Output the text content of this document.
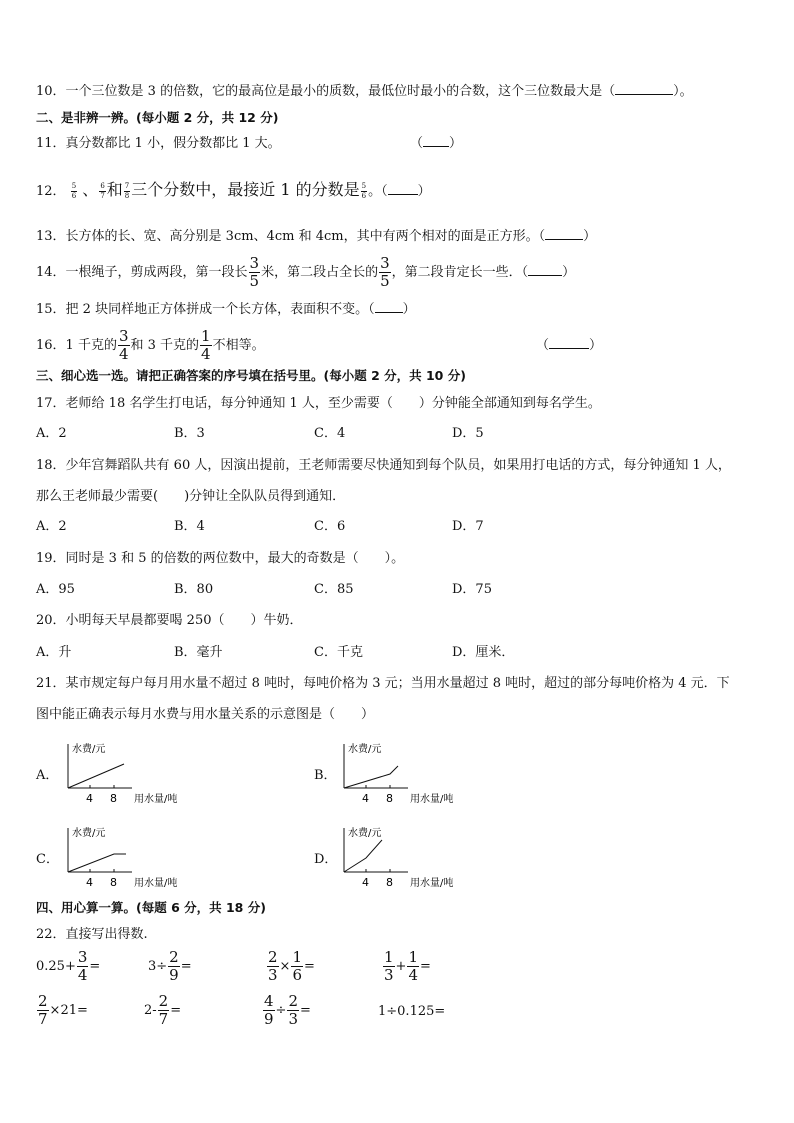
10．一个三位数是 3 的倍数，它的最高位是最小的质数，最低位时最小的合数，这个三位数最大是（	）。
二、是非辨一辨。(每小题 2 分，共 12 分)
11．真分数都比 1 小，假分数都比 1 大。	（ ）
12． $\frac{5}{6}$ 、 $\frac{6}{7}$ 和 $\frac{7}{8}$ 三个分数中，最接近 1 的分数是 $\frac{5}{6}$ 。（ ）
13．长方体的长、宽、高分别是 3cm、4cm 和 4cm，其中有两个相对的面是正方形。（	）
14．一根绳子，剪成两段，第一段长 $\frac{3}{5}$ 米，第二段占全长的 $\frac{3}{5}$ ，第二段肯定长一些．（	）
15．把 2 块同样地正方体拼成一个长方体，表面积不变。（ ）
16．1 千克的 $\frac{3}{4}$ 和 3 千克的 $\frac{1}{4}$ 不相等。	（	）
三、细心选一选。请把正确答案的序号填在括号里。(每小题 2 分，共 10 分)
17．老师给 18 名学生打电话，每分钟通知 1 人，至少需要（　　）分钟能全部通知到每名学生。
A．2	B．3	C．4	D．5
18．少年宫舞蹈队共有 60 人，因演出提前，王老师需要尽快通知到每个队员，如果用打电话的方式，每分钟通知 1 人，
那么王老师最少需要(　　)分钟让全队队员得到通知．
A．2	B．4	C．6	D．7
19．同时是 3 和 5 的倍数的两位数中，最大的奇数是（　　）。
A．95	B．80	C．85	D．75
20．小明每天早晨都要喝 250（　　）牛奶．
A．升	B．毫升	C．千克	D．厘米．
21．某市规定每户每月用水量不超过 8 吨时，每吨价格为 3 元；当用水量超过 8 吨时，超过的部分每吨价格为 4 元．下
图中能正确表示每月水费与用水量关系的示意图是（　　）
A．
水费/元
4 8 用水量/吨
B．
水费/元
4 8 用水量/吨
C．
水费/元
4 8 用水量/吨
D．
水费/元
4 8 用水量/吨
四、用心算一算。(每题 6 分，共 18 分)
22．直接写出得数.
$0.25+ \frac{3}{4}$ =	$3\div \frac{2}{9}$ =	$\frac{2}{3} \times \frac{1}{6}$ =	$\frac{1}{3} + \frac{1}{4}$ =
$\frac{2}{7} \times 21=$	$2- \frac{2}{7}$ =	$\frac{4}{9} \div \frac{2}{3}$ =	1÷0.125=
